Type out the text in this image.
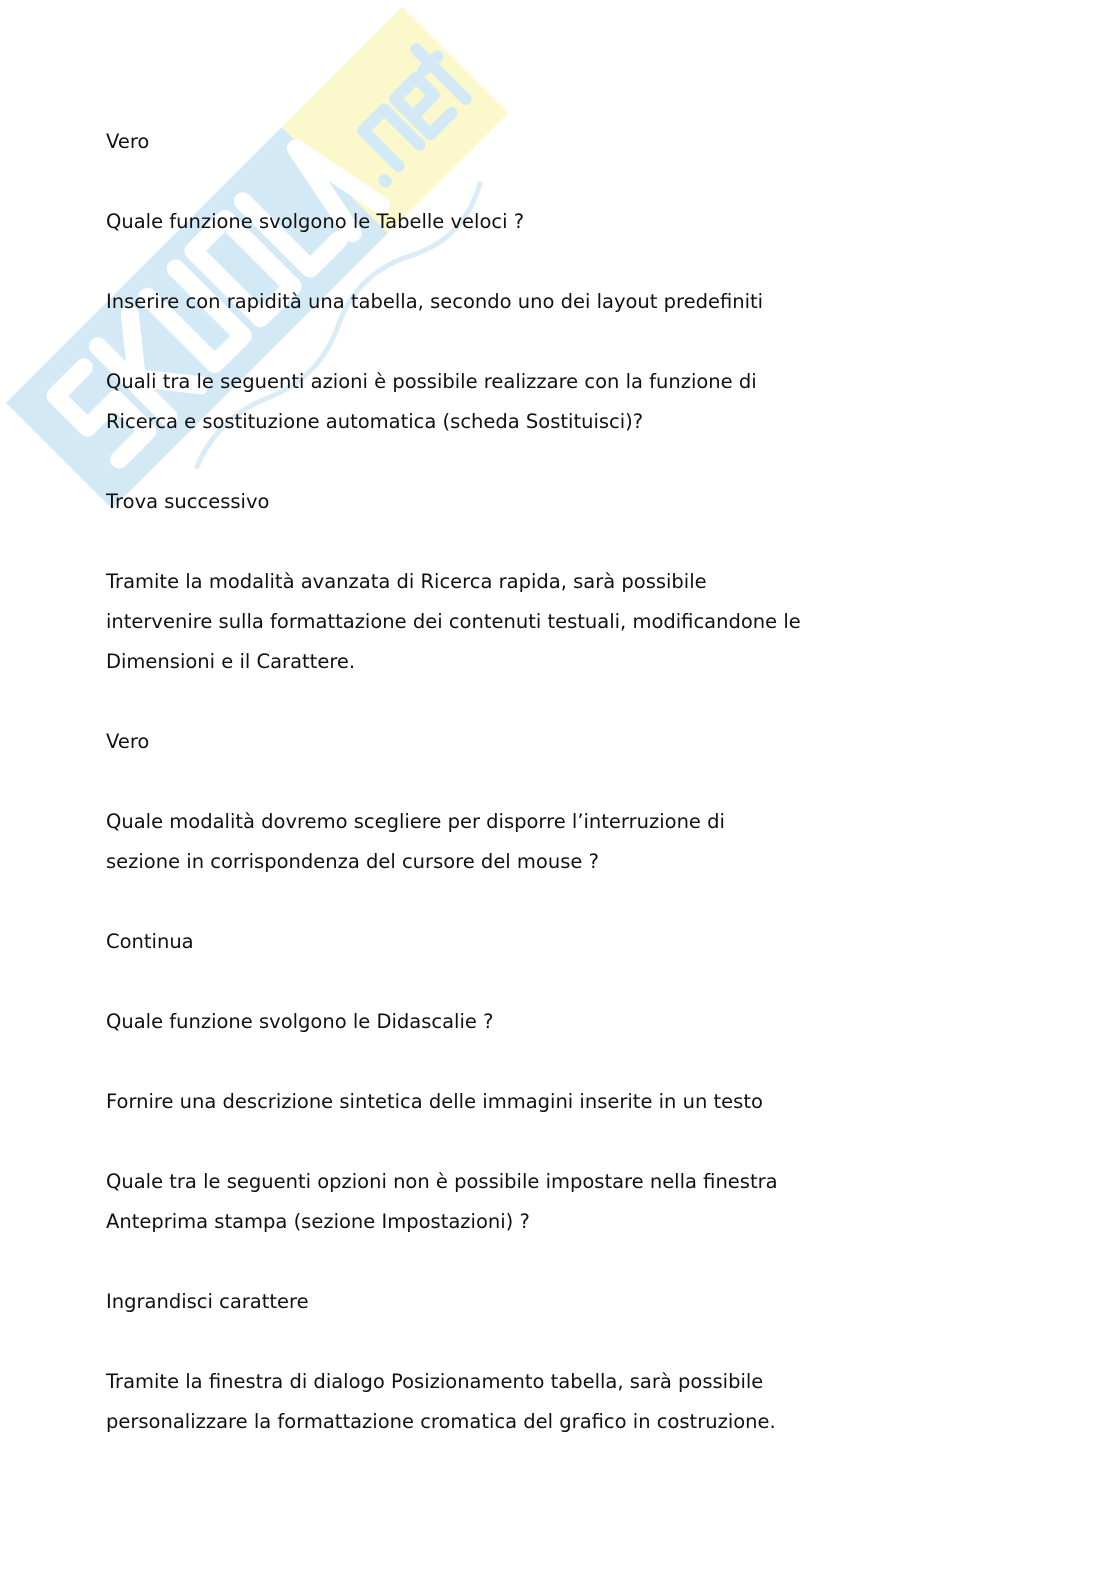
Vero

Quale funzione svolgono le Tabelle veloci ?

Inserire con rapidità una tabella, secondo uno dei layout predefiniti

Quali tra le seguenti azioni è possibile realizzare con la funzione di
Ricerca e sostituzione automatica (scheda Sostituisci)?

Trova successivo

Tramite la modalità avanzata di Ricerca rapida, sarà possibile
intervenire sulla formattazione dei contenuti testuali, modificandone le
Dimensioni e il Carattere.

Vero

Quale modalità dovremo scegliere per disporre l’interruzione di
sezione in corrispondenza del cursore del mouse ?

Continua

Quale funzione svolgono le Didascalie ?

Fornire una descrizione sintetica delle immagini inserite in un testo

Quale tra le seguenti opzioni non è possibile impostare nella finestra
Anteprima stampa (sezione Impostazioni) ?

Ingrandisci carattere

Tramite la finestra di dialogo Posizionamento tabella, sarà possibile
personalizzare la formattazione cromatica del grafico in costruzione.
